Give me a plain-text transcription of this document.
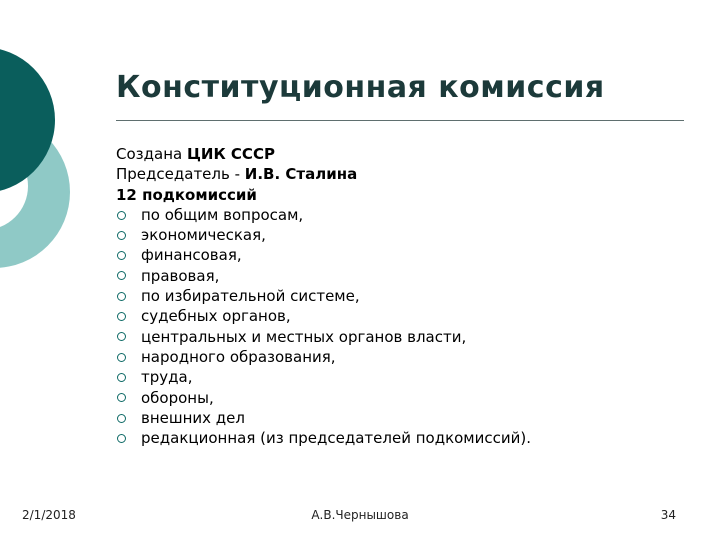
Конституционная комиссия
Создана ЦИК СССР
Председатель - И.В. Сталина
12 подкомиссий
по общим вопросам,
экономическая,
финансовая,
правовая,
по избирательной системе,
судебных органов,
центральных и местных органов власти,
народного образования,
труда,
обороны,
внешних дел
редакционная (из председателей подкомиссий).
2/1/2018	А.В.Чернышова	34
